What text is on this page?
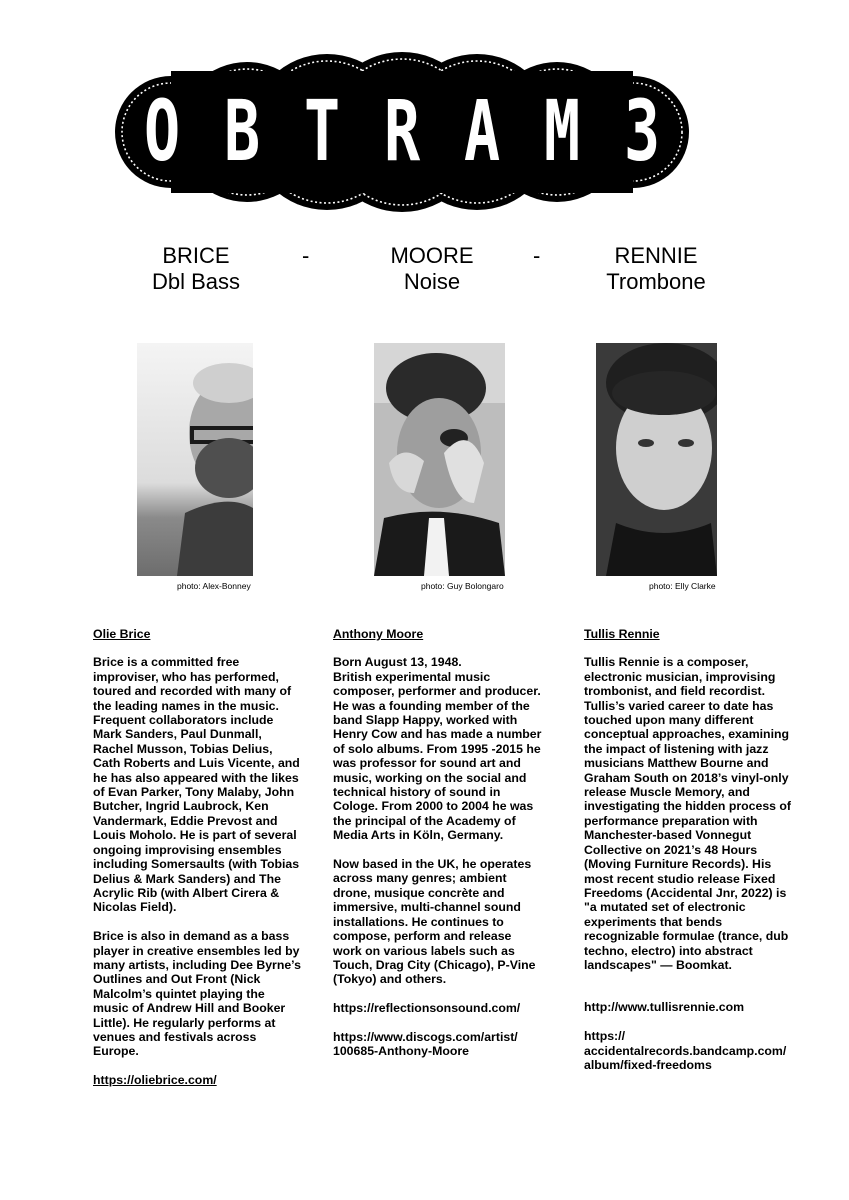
O B T R A M 3
BRICE
Dbl Bass
-	MOORE
Noise
-	RENNIE
Trombone
photo: Alex-Bonney	photo: Guy Bolongaro	photo: Elly Clarke
Olie Brice

Brice is a committed free improviser, who has performed, toured and recorded with many of the leading names in the music. Frequent collaborators include Mark Sanders, Paul Dunmall, Rachel Musson, Tobias Delius, Cath Roberts and Luis Vicente, and he has also appeared with the likes of Evan Parker, Tony Malaby, John Butcher, Ingrid Laubrock, Ken Vandermark, Eddie Prevost and Louis Moholo. He is part of several ongoing improvising ensembles including Somersaults (with Tobias Delius & Mark Sanders) and The Acrylic Rib (with Albert Cirera & Nicolas Field).

Brice is also in demand as a bass player in creative ensembles led by many artists, including Dee Byrne’s Outlines and Out Front (Nick Malcolm’s quintet playing the music of Andrew Hill and Booker Little). He regularly performs at venues and festivals across Europe.

https://oliebrice.com/
Anthony Moore

Born August 13, 1948.
British experimental music composer, performer and producer. He was a founding member of the band Slapp Happy, worked with Henry Cow and has made a number of solo albums. From 1995 -2015 he was professor for sound art and music, working on the social and technical history of sound in Cologe. From 2000 to 2004 he was the principal of the Academy of Media Arts in Köln, Germany.

Now based in the UK, he operates across many genres; ambient drone, musique concrète and immersive, multi-channel sound installations. He continues to compose, perform and release work on various labels such as Touch, Drag City (Chicago), P-Vine (Tokyo) and others.

https://reflectionsonsound.com/
https://www.discogs.com/artist/
100685-Anthony-Moore
Tullis Rennie

Tullis Rennie is a composer, electronic musician, improvising trombonist, and field recordist. Tullis’s varied career to date has touched upon many different conceptual approaches, examining the impact of listening with jazz musicians Matthew Bourne and Graham South on 2018’s vinyl-only release Muscle Memory, and investigating the hidden process of performance preparation with Manchester-based Vonnegut Collective on 2021’s 48 Hours (Moving Furniture Records). His most recent studio release Fixed Freedoms (Accidental Jnr, 2022) is "a mutated set of electronic experiments that bends recognizable formulae (trance, dub techno, electro) into abstract landscapes" — Boomkat.

http://www.tullisrennie.com
https://
accidentalrecords.bandcamp.com/
album/fixed-freedoms
